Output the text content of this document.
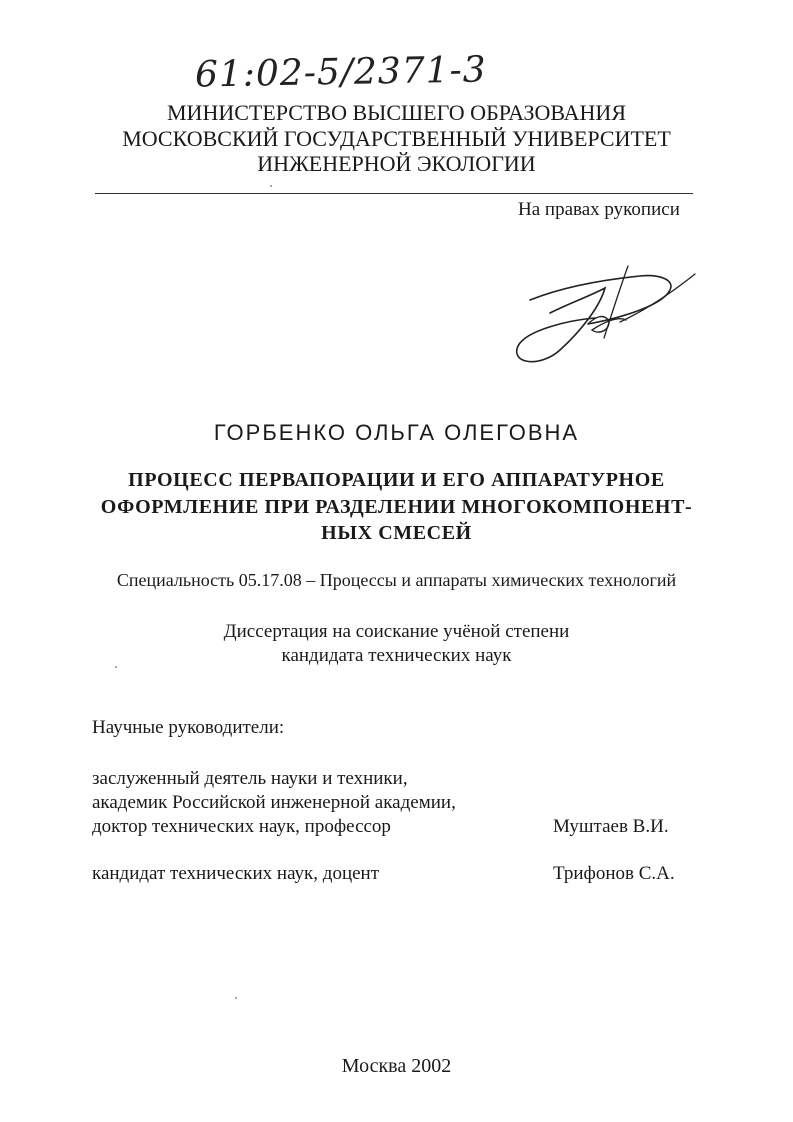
61:02-5/2371-3
МИНИСТЕРСТВО ВЫСШЕГО ОБРАЗОВАНИЯ
МОСКОВСКИЙ ГОСУДАРСТВЕННЫЙ УНИВЕРСИТЕТ
ИНЖЕНЕРНОЙ ЭКОЛОГИИ
На правах рукописи
ГОРБЕНКО ОЛЬГА ОЛЕГОВНА
ПРОЦЕСС ПЕРВАПОРАЦИИ И ЕГО АППАРАТУРНОЕ
ОФОРМЛЕНИЕ ПРИ РАЗДЕЛЕНИИ МНОГОКОМПОНЕНТ-
НЫХ СМЕСЕЙ
Специальность 05.17.08 – Процессы и аппараты химических технологий
Диссертация на соискание учёной степени
кандидата технических наук
Научные руководители:
заслуженный деятель науки и техники,
академик Российской инженерной академии,
доктор технических наук, профессор	Муштаев В.И.
кандидат технических наук, доцент	Трифонов С.А.
Москва 2002
